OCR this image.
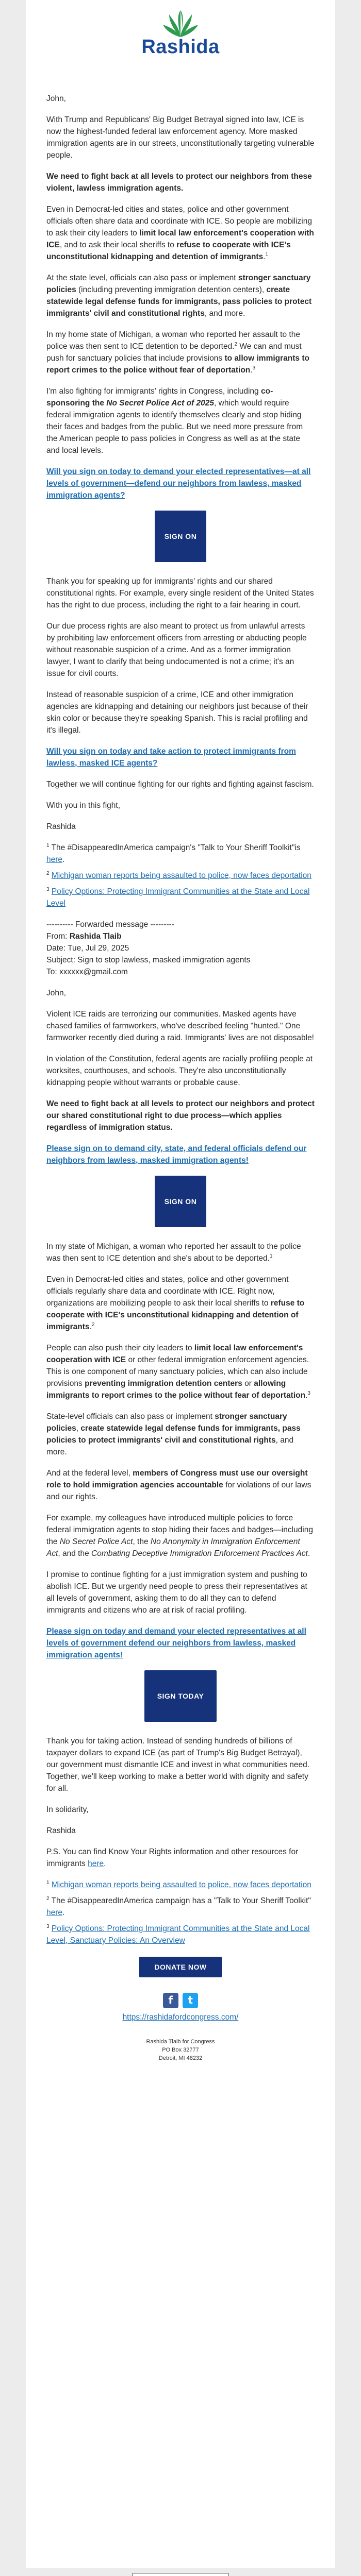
Rashida

John,

With Trump and Republicans' Big Budget Betrayal signed into law, ICE is now the highest-funded federal law enforcement agency. More masked immigration agents are in our streets, unconstitutionally targeting vulnerable people.

We need to fight back at all levels to protect our neighbors from these violent, lawless immigration agents.

Even in Democrat-led cities and states, police and other government officials often share data and coordinate with ICE. So people are mobilizing to ask their city leaders to limit local law enforcement's cooperation with ICE, and to ask their local sheriffs to refuse to cooperate with ICE's unconstitutional kidnapping and detention of immigrants.$^1$

At the state level, officials can also pass or implement stronger sanctuary policies (including preventing immigration detention centers), create statewide legal defense funds for immigrants, pass policies to protect immigrants' civil and constitutional rights, and more.

In my home state of Michigan, a woman who reported her assault to the police was then sent to ICE detention to be deported.$^2$ We can and must push for sanctuary policies that include provisions to allow immigrants to report crimes to the police without fear of deportation.$^3$

I'm also fighting for immigrants' rights in Congress, including co-sponsoring the No Secret Police Act of 2025, which would require federal immigration agents to identify themselves clearly and stop hiding their faces and badges from the public. But we need more pressure from the American people to pass policies in Congress as well as at the state and local levels.

Will you sign on today to demand your elected representatives—at all levels of government—defend our neighbors from lawless, masked immigration agents?
SIGN ON

Thank you for speaking up for immigrants' rights and our shared constitutional rights. For example, every single resident of the United States has the right to due process, including the right to a fair hearing in court.

Our due process rights are also meant to protect us from unlawful arrests by prohibiting law enforcement officers from arresting or abducting people without reasonable suspicion of a crime. And as a former immigration lawyer, I want to clarify that being undocumented is not a crime; it's an issue for civil courts.

Instead of reasonable suspicion of a crime, ICE and other immigration agencies are kidnapping and detaining our neighbors just because of their skin color or because they're speaking Spanish. This is racial profiling and it's illegal.

Will you sign on today and take action to protect immigrants from lawless, masked ICE agents?

Together we will continue fighting for our rights and fighting against fascism.

With you in this fight,

Rashida

$^1$ The #DisappearedInAmerica campaign's "Talk to Your Sheriff Toolkit"is here.

$^2$ Michigan woman reports being assaulted to police, now faces deportation

$^3$ Policy Options: Protecting Immigrant Communities at the State and Local Level

---------- Forwarded message ---------

From: Rashida Tlaib

Date: Tue, Jul 29, 2025

Subject: Sign to stop lawless, masked immigration agents

To: xxxxxx@gmail.com

John,

Violent ICE raids are terrorizing our communities. Masked agents have chased families of farmworkers, who've described feeling "hunted." One farmworker recently died during a raid. Immigrants' lives are not disposable!

In violation of the Constitution, federal agents are racially profiling people at worksites, courthouses, and schools. They're also unconstitutionally kidnapping people without warrants or probable cause.

We need to fight back at all levels to protect our neighbors and protect our shared constitutional right to due process—which applies regardless of immigration status.

Please sign on to demand city, state, and federal officials defend our neighbors from lawless, masked immigration agents!
SIGN ON

In my state of Michigan, a woman who reported her assault to the police was then sent to ICE detention and she's about to be deported.$^1$

Even in Democrat-led cities and states, police and other government officials regularly share data and coordinate with ICE. Right now, organizations are mobilizing people to ask their local sheriffs to refuse to cooperate with ICE's unconstitutional kidnapping and detention of immigrants.$^2$

People can also push their city leaders to limit local law enforcement's cooperation with ICE or other federal immigration enforcement agencies. This is one component of many sanctuary policies, which can also include provisions preventing immigration detention centers or allowing immigrants to report crimes to the police without fear of deportation.$^3$

State-level officials can also pass or implement stronger sanctuary policies, create statewide legal defense funds for immigrants, pass policies to protect immigrants' civil and constitutional rights, and more.

And at the federal level, members of Congress must use our oversight role to hold immigration agencies accountable for violations of our laws and our rights.

For example, my colleagues have introduced multiple policies to force federal immigration agents to stop hiding their faces and badges—including the No Secret Police Act, the No Anonymity in Immigration Enforcement Act, and the Combating Deceptive Immigration Enforcement Practices Act.

I promise to continue fighting for a just immigration system and pushing to abolish ICE. But we urgently need people to press their representatives at all levels of government, asking them to do all they can to defend immigrants and citizens who are at risk of racial profiling.

Please sign on today and demand your elected representatives at all levels of government defend our neighbors from lawless, masked immigration agents!
SIGN TODAY

Thank you for taking action. Instead of sending hundreds of billions of taxpayer dollars to expand ICE (as part of Trump's Big Budget Betrayal), our government must dismantle ICE and invest in what communities need. Together, we'll keep working to make a better world with dignity and safety for all.

In solidarity,

Rashida

P.S. You can find Know Your Rights information and other resources for immigrants here.

$^1$ Michigan woman reports being assaulted to police, now faces deportation

$^2$ The #DisappearedInAmerica campaign has a "Talk to Your Sheriff Toolkit" here.

$^3$ Policy Options: Protecting Immigrant Communities at the State and Local Level, Sanctuary Policies: An Overview

DONATE NOW
f
	t
https://rashidafordcongress.com/
Rashida Tlaib for Congress
PO Box 32777
Detroit, MI 48232
